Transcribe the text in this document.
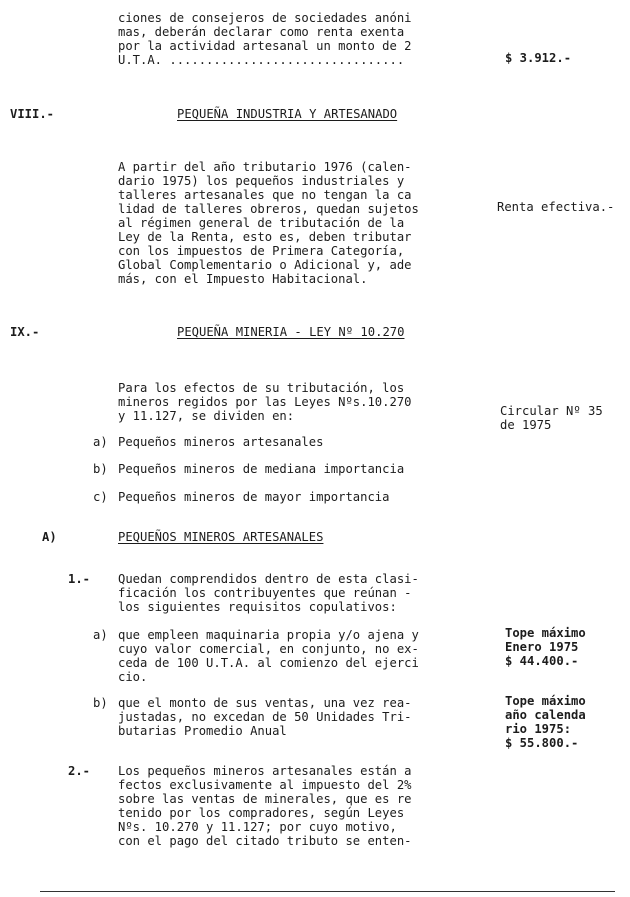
ciones de consejeros de sociedades anóni
mas, deberán declarar como renta exenta
por la actividad artesanal un monto de 2
U.T.A. ................................	$ 3.912.-
VIII.-	PEQUEÑA INDUSTRIA Y ARTESANADO
A partir del año tributario 1976 (calen-
dario 1975) los pequeños industriales y
talleres artesanales que no tengan la ca
lidad de talleres obreros, quedan sujetos
al régimen general de tributación de la
Ley de la Renta, esto es, deben tributar
con los impuestos de Primera Categoría,
Global Complementario o Adicional y, ade
más, con el Impuesto Habitacional.
Renta efectiva.-
IX.-	PEQUEÑA MINERIA - LEY Nº 10.270
Para los efectos de su tributación, los
mineros regidos por las Leyes Nºs.10.270
y 11.127, se dividen en:	Circular Nº 35
de 1975
a) Pequeños mineros artesanales
b) Pequeños mineros de mediana importancia
c) Pequeños mineros de mayor importancia
A)	PEQUEÑOS MINEROS ARTESANALES
1.- Quedan comprendidos dentro de esta clasi-
ficación los contribuyentes que reúnan -
los siguientes requisitos copulativos:
a) que empleen maquinaria propia y/o ajena y
cuyo valor comercial, en conjunto, no ex-
ceda de 100 U.T.A. al comienzo del ejerci
cio.
Tope máximo
Enero 1975
$ 44.400.-
b) que el monto de sus ventas, una vez rea-
justadas, no excedan de 50 Unidades Tri-
butarias Promedio Anual
Tope máximo
año calenda
rio 1975:
$ 55.800.-
2.- Los pequeños mineros artesanales están a
fectos exclusivamente al impuesto del 2%
sobre las ventas de minerales, que es re
tenido por los compradores, según Leyes
Nºs. 10.270 y 11.127; por cuyo motivo,
con el pago del citado tributo se enten-
